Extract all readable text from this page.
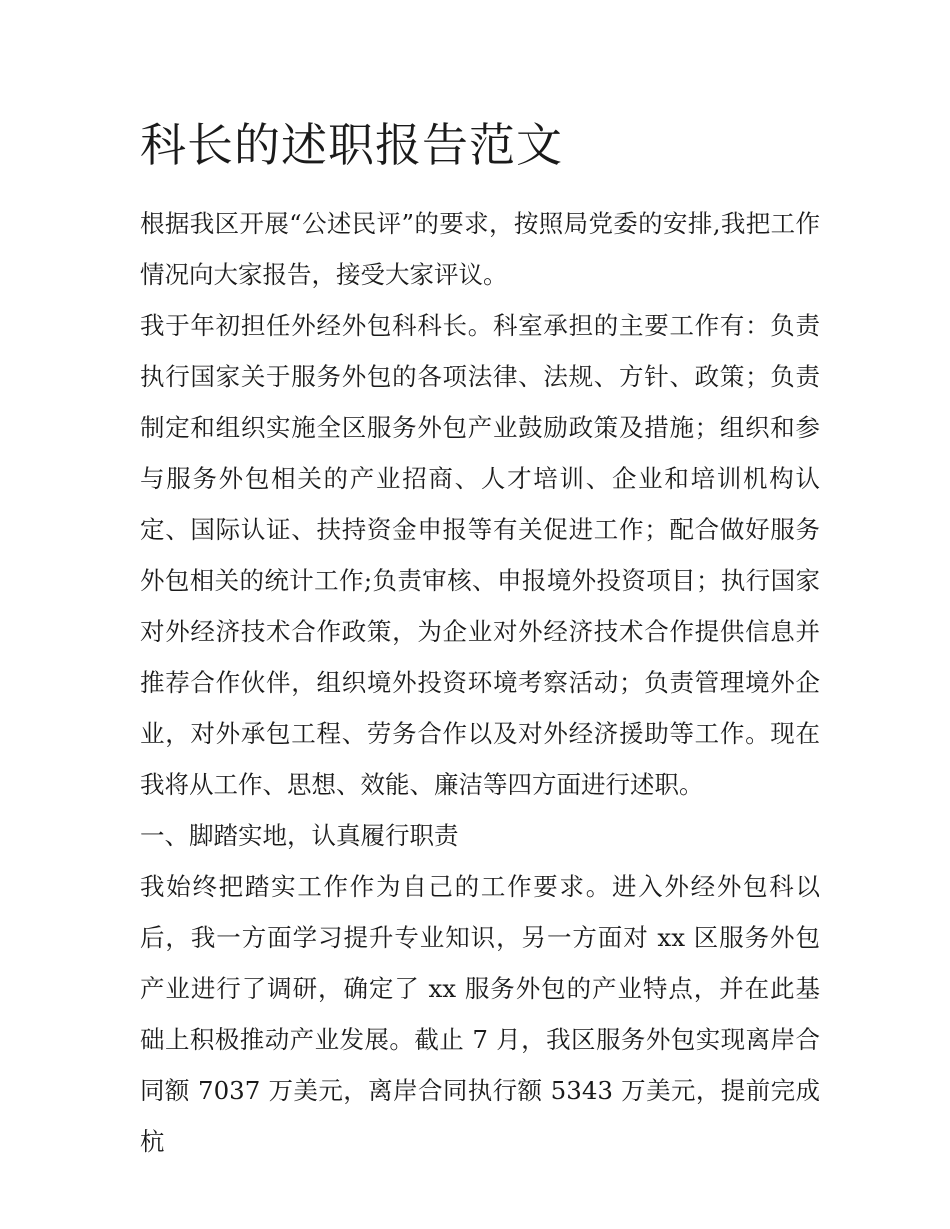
科长的述职报告范文

根据我区开展“公述民评”的要求，按照局党委的安排,我把工作情况向大家报告，接受大家评议。

我于年初担任外经外包科科长。科室承担的主要工作有：负责执行国家关于服务外包的各项法律、法规、方针、政策；负责制定和组织实施全区服务外包产业鼓励政策及措施；组织和参与服务外包相关的产业招商、人才培训、企业和培训机构认定、国际认证、扶持资金申报等有关促进工作；配合做好服务外包相关的统计工作;负责审核、申报境外投资项目；执行国家对外经济技术合作政策，为企业对外经济技术合作提供信息并推荐合作伙伴，组织境外投资环境考察活动；负责管理境外企业，对外承包工程、劳务合作以及对外经济援助等工作。现在我将从工作、思想、效能、廉洁等四方面进行述职。

一、脚踏实地，认真履行职责

我始终把踏实工作作为自己的工作要求。进入外经外包科以后，我一方面学习提升专业知识，另一方面对 xx 区服务外包产业进行了调研，确定了 xx 服务外包的产业特点，并在此基础上积极推动产业发展。截止 7 月，我区服务外包实现离岸合同额 7037 万美元，离岸合同执行额 5343 万美元，提前完成杭
